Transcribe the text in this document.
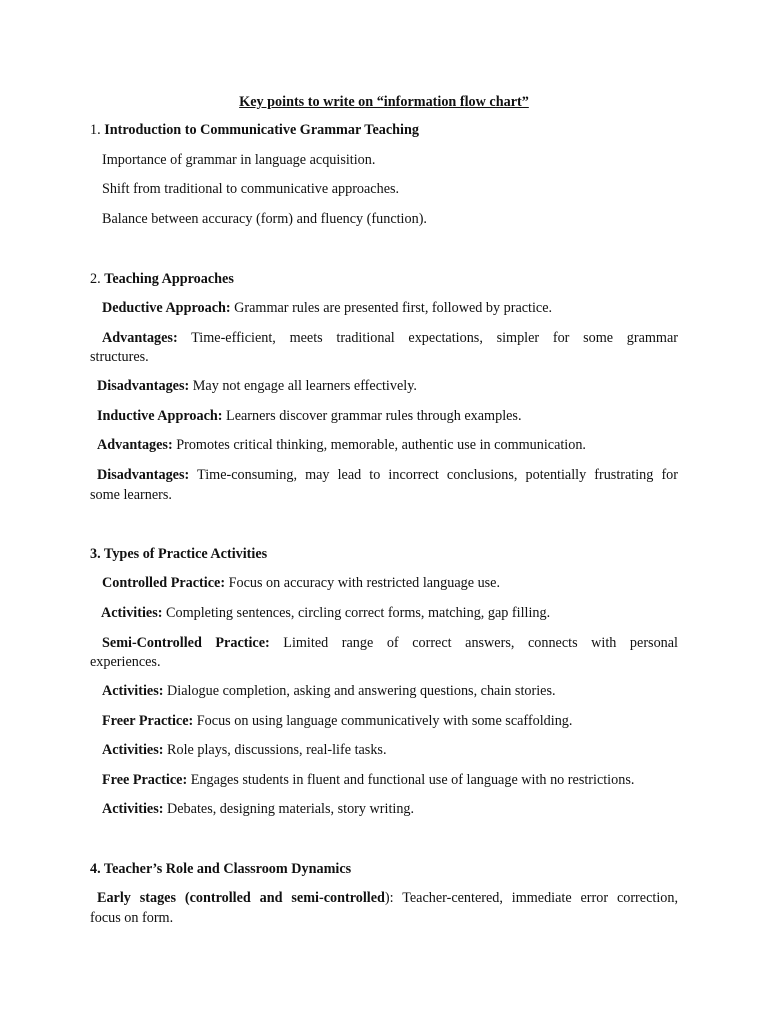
Key points to write on “information flow chart”
1. Introduction to Communicative Grammar Teaching
Importance of grammar in language acquisition.
Shift from traditional to communicative approaches.
Balance between accuracy (form) and fluency (function).
2. Teaching Approaches
Deductive Approach: Grammar rules are presented first, followed by practice.
Advantages: Time-efficient, meets traditional expectations, simpler for some grammar
structures.
Disadvantages: May not engage all learners effectively.
Inductive Approach: Learners discover grammar rules through examples.
Advantages: Promotes critical thinking, memorable, authentic use in communication.
Disadvantages: Time-consuming, may lead to incorrect conclusions, potentially frustrating for
some learners.
3. Types of Practice Activities
Controlled Practice: Focus on accuracy with restricted language use.
Activities: Completing sentences, circling correct forms, matching, gap filling.
Semi-Controlled Practice: Limited range of correct answers, connects with personal
experiences.
Activities: Dialogue completion, asking and answering questions, chain stories.
Freer Practice: Focus on using language communicatively with some scaffolding.
Activities: Role plays, discussions, real-life tasks.
Free Practice: Engages students in fluent and functional use of language with no restrictions.
Activities: Debates, designing materials, story writing.
4. Teacher’s Role and Classroom Dynamics
Early stages (controlled and semi-controlled): Teacher-centered, immediate error correction,
focus on form.
